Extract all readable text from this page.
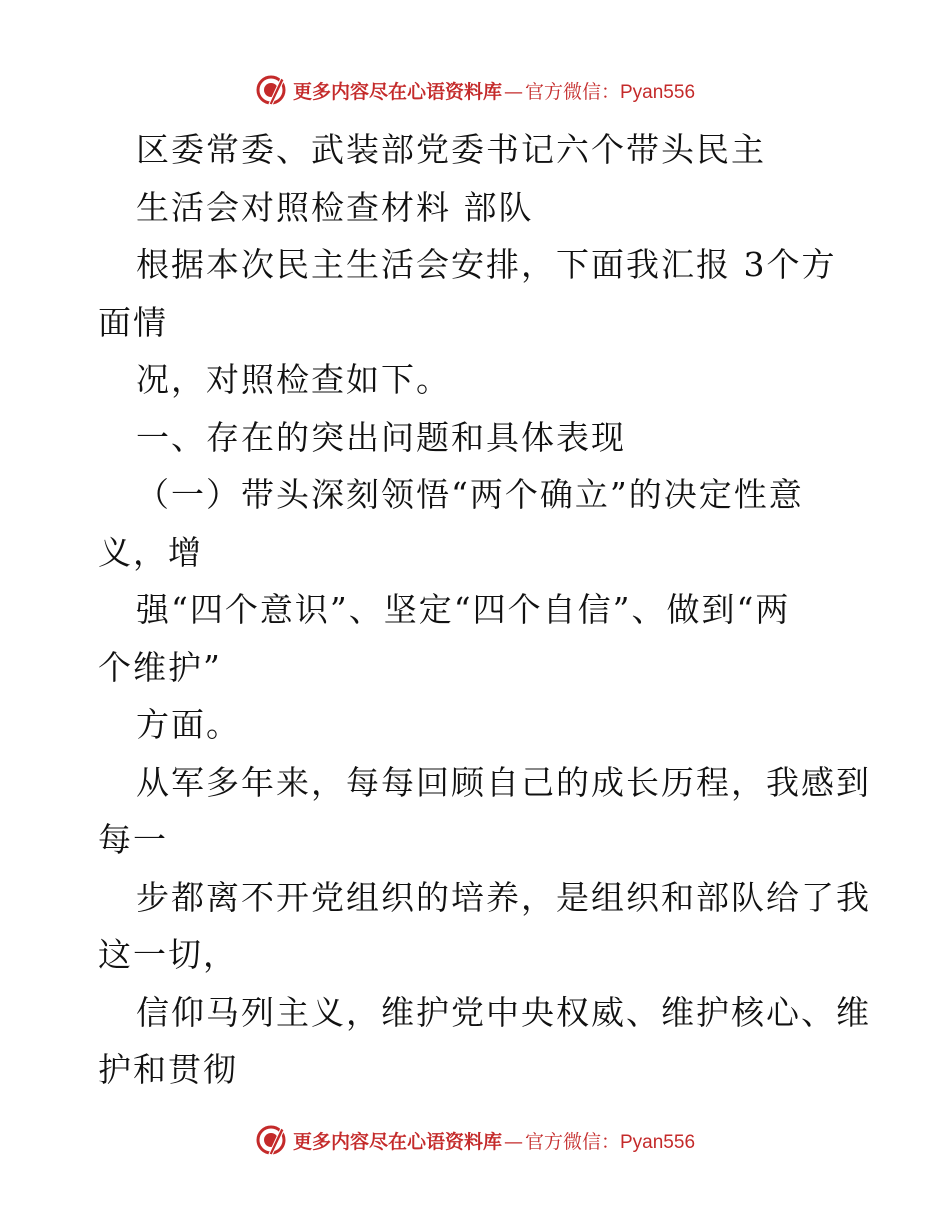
更多内容尽在心语资料库 — 官方微信： Pyan556
区委常委、武装部党委书记六个带头民主
生活会对照检查材料 部队
根据本次民主生活会安排，下面我汇报 3个方
面情
况，对照检查如下。
一、存在的突出问题和具体表现
（一）带头深刻领悟“两个确立”的决定性意
义，增
强“四个意识”、坚定“四个自信”、做到“两
个维护”
方面。
从军多年来，每每回顾自己的成长历程，我感到
每一
步都离不开党组织的培养，是组织和部队给了我
这一切，
信仰马列主义，维护党中央权威、维护核心、维
护和贯彻
更多内容尽在心语资料库 — 官方微信： Pyan556
